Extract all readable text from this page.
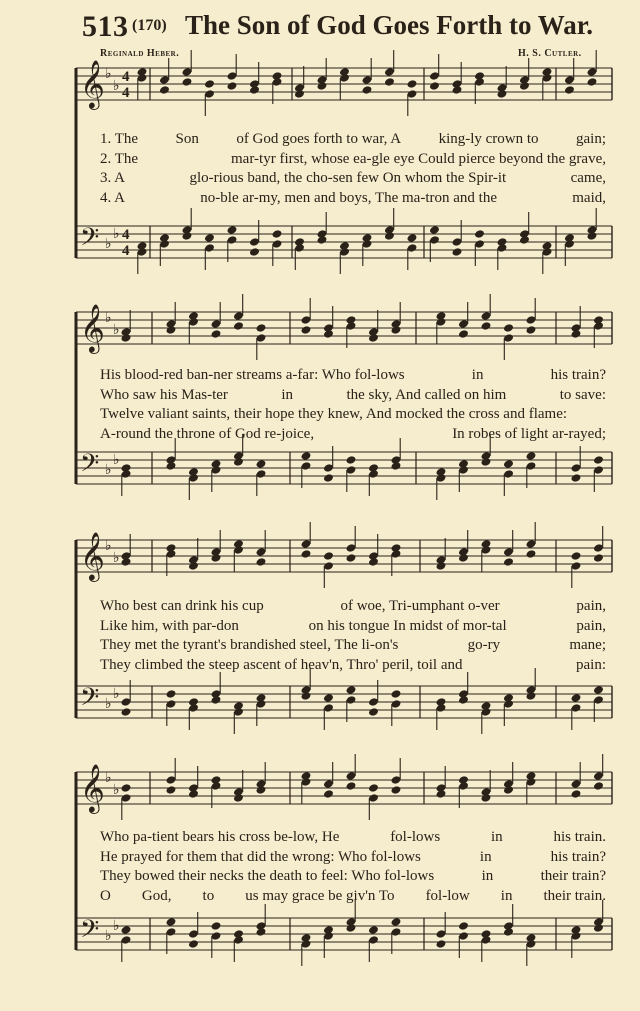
513 (170) The Son of God Goes Forth to War.
Reginald Heber.	H. S. Cutler.
𝄞 ♭
♭
4
4
𝄢 ♭
♭ 4
4
1. The Son of God goes forth to war, A king-ly crown to gain;
2. The	mar-tyr first, whose ea-gle eye Could pierce beyond the grave,
3. A	glo-rious band, the cho-sen few On whom the Spir-it	came,
4. A	no-ble ar-my, men and boys, The ma-tron and the	maid,
𝄞 ♭
♭
𝄢 ♭
♭
His blood-red ban-ner streams a-far: Who fol-lows	in	his train?
Who saw his Mas-ter	in	the sky, And called on him	to save:
Twelve valiant saints, their hope they knew, And mocked the cross and flame:
A-round the throne of God re-joice,	In robes of light ar-rayed;
𝄞 ♭
♭
𝄢 ♭
♭
Who best can drink his cup	of woe, Tri-umphant o-ver	pain,
Like him, with par-don	on his tongue In midst of mor-tal	pain,
They met the tyrant's brandished steel, The li-on's	go-ry	mane;
They climbed the steep ascent of heav'n, Thro' peril, toil and	pain:
𝄞 ♭
♭
𝄢 ♭
♭
Who pa-tient bears his cross be-low, He	fol-lows	in	his train.
He prayed for them that did the wrong: Who fol-lows	in	his train?
They bowed their necks the death to feel: Who fol-lows	in	their train?
O God, to us may grace be giv'n To fol-low in their train.
